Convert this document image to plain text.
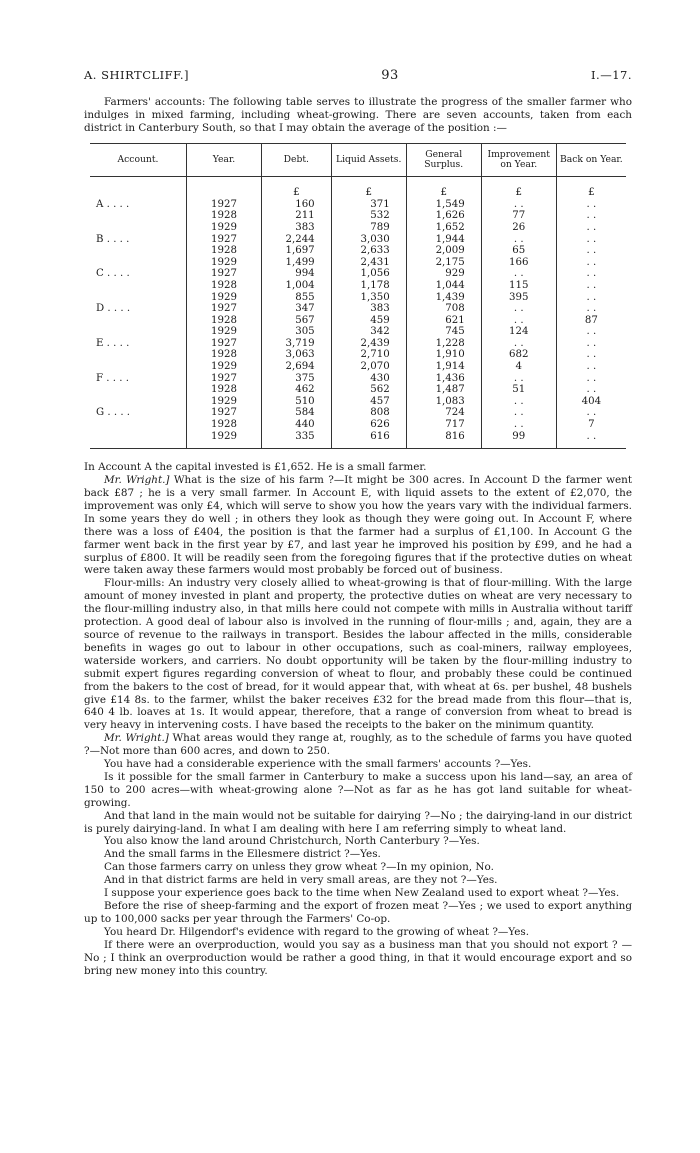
A. SHIRTCLIFF.]	93	I.—17.

Farmers' accounts: The following table serves to illustrate the progress of the smaller farmer who indulges in mixed farming, including wheat-growing. There are seven accounts, taken from each district in Canterbury South, so that I may obtain the average of the position :—

Account.	Year.	Debt.	Liquid Assets.	General Surplus.	Improvement on Year.	Back on Year.
		£	£	£	£	£
A . . . .	1927	160	371	1,549	. .	. .
	1928	211	532	1,626	77	. .
	1929	383	789	1,652	26	. .
B . . . .	1927	2,244	3,030	1,944	. .	. .
	1928	1,697	2,633	2,009	65	. .
	1929	1,499	2,431	2,175	166	. .
C . . . .	1927	994	1,056	929	. .	. .
	1928	1,004	1,178	1,044	115	. .
	1929	855	1,350	1,439	395	. .
D . . . .	1927	347	383	708	. .	. .
	1928	567	459	621	. .	87
	1929	305	342	745	124	. .
E . . . .	1927	3,719	2,439	1,228	. .	. .
	1928	3,063	2,710	1,910	682	. .
	1929	2,694	2,070	1,914	4	. .
F . . . .	1927	375	430	1,436	. .	. .
	1928	462	562	1,487	51	. .
	1929	510	457	1,083	. .	404
G . . . .	1927	584	808	724	. .	. .
	1928	440	626	717	. .	7
	1929	335	616	816	99	. .

In Account A the capital invested is £1,652. He is a small farmer.

Mr. Wright.] What is the size of his farm ?—It might be 300 acres. In Account D the farmer went back £87 ; he is a very small farmer. In Account E, with liquid assets to the extent of £2,070, the improvement was only £4, which will serve to show you how the years vary with the individual farmers. In some years they do well ; in others they look as though they were going out. In Account F, where there was a loss of £404, the position is that the farmer had a surplus of £1,100. In Account G the farmer went back in the first year by £7, and last year he improved his position by £99, and he had a surplus of £800. It will be readily seen from the foregoing figures that if the protective duties on wheat were taken away these farmers would most probably be forced out of business.

Flour-mills: An industry very closely allied to wheat-growing is that of flour-milling. With the large amount of money invested in plant and property, the protective duties on wheat are very necessary to the flour-milling industry also, in that mills here could not compete with mills in Australia without tariff protection. A good deal of labour also is involved in the running of flour-mills ; and, again, they are a source of revenue to the railways in transport. Besides the labour affected in the mills, considerable benefits in wages go out to labour in other occupations, such as coal-miners, railway employees, waterside workers, and carriers. No doubt opportunity will be taken by the flour-milling industry to submit expert figures regarding conversion of wheat to flour, and probably these could be continued from the bakers to the cost of bread, for it would appear that, with wheat at 6s. per bushel, 48 bushels give £14 8s. to the farmer, whilst the baker receives £32 for the bread made from this flour—that is, 640 4 lb. loaves at 1s. It would appear, therefore, that a range of conversion from wheat to bread is very heavy in intervening costs. I have based the receipts to the baker on the minimum quantity.

Mr. Wright.] What areas would they range at, roughly, as to the schedule of farms you have quoted ?—Not more than 600 acres, and down to 250.

You have had a considerable experience with the small farmers' accounts ?—Yes.

Is it possible for the small farmer in Canterbury to make a success upon his land—say, an area of 150 to 200 acres—with wheat-growing alone ?—Not as far as he has got land suitable for wheat-growing.

And that land in the main would not be suitable for dairying ?—No ; the dairying-land in our district is purely dairying-land. In what I am dealing with here I am referring simply to wheat land.

You also know the land around Christchurch, North Canterbury ?—Yes.

And the small farms in the Ellesmere district ?—Yes.

Can those farmers carry on unless they grow wheat ?—In my opinion, No.

And in that district farms are held in very small areas, are they not ?—Yes.

I suppose your experience goes back to the time when New Zealand used to export wheat ?—Yes.

Before the rise of sheep-farming and the export of frozen meat ?—Yes ; we used to export anything up to 100,000 sacks per year through the Farmers' Co-op.

You heard Dr. Hilgendorf's evidence with regard to the growing of wheat ?—Yes.

If there were an overproduction, would you say as a business man that you should not export ? —No ; I think an overproduction would be rather a good thing, in that it would encourage export and so bring new money into this country.
